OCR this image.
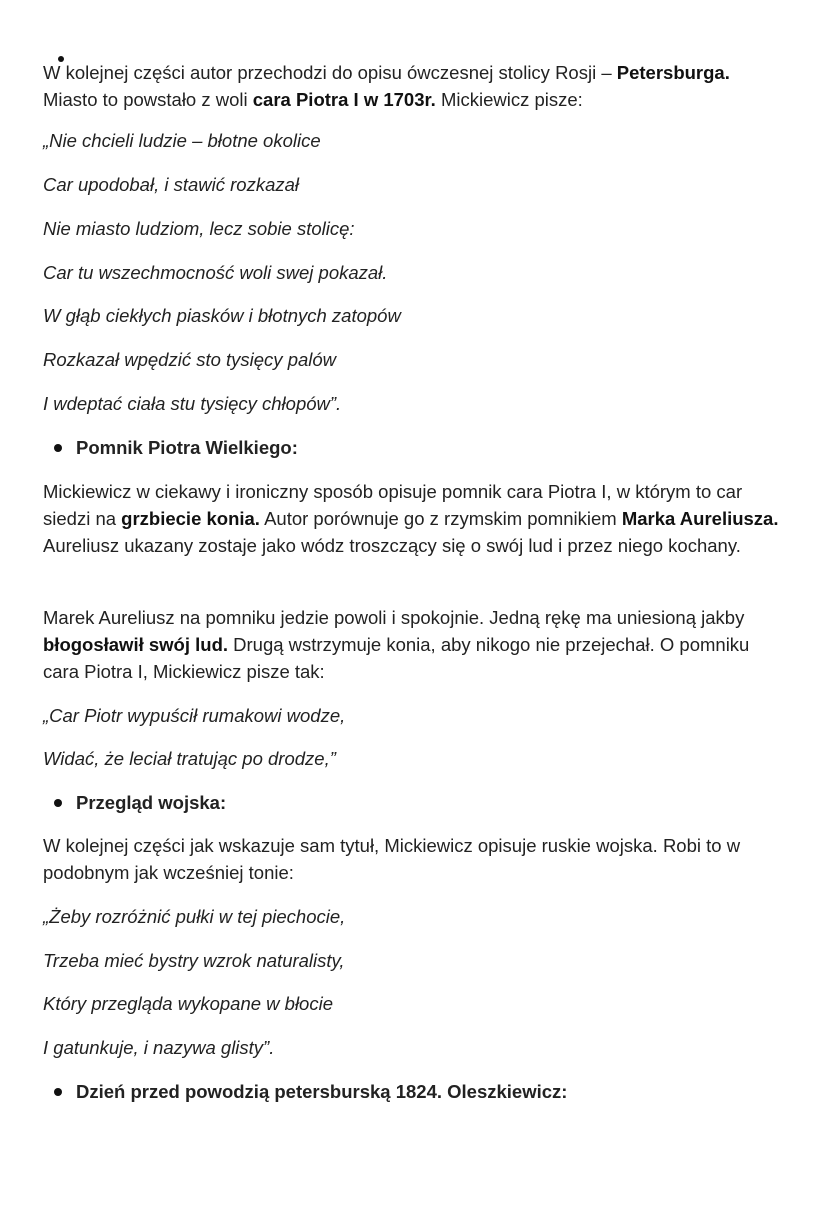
W kolejnej części autor przechodzi do opisu ówczesnej stolicy Rosji – Petersburga. Miasto to powstało z woli cara Piotra I w 1703r. Mickiewicz pisze:

„Nie chcieli ludzie – błotne okolice

Car upodobał, i stawić rozkazał

Nie miasto ludziom, lecz sobie stolicę:

Car tu wszechmocność woli swej pokazał.

W głąb ciekłych piasków i błotnych zatopów

Rozkazał wpędzić sto tysięcy palów

I wdeptać ciała stu tysięcy chłopów”.

Pomnik Piotra Wielkiego:

Mickiewicz w ciekawy i ironiczny sposób opisuje pomnik cara Piotra I, w którym to car siedzi na grzbiecie konia. Autor porównuje go z rzymskim pomnikiem Marka Aureliusza. Aureliusz ukazany zostaje jako wódz troszczący się o swój lud i przez niego kochany.

Marek Aureliusz na pomniku jedzie powoli i spokojnie. Jedną rękę ma uniesioną jakby błogosławił swój lud. Drugą wstrzymuje konia, aby nikogo nie przejechał. O pomniku cara Piotra I, Mickiewicz pisze tak:

„Car Piotr wypuścił rumakowi wodze,

Widać, że leciał tratując po drodze,”

Przegląd wojska:

W kolejnej części jak wskazuje sam tytuł, Mickiewicz opisuje ruskie wojska. Robi to w podobnym jak wcześniej tonie:

„Żeby rozróżnić pułki w tej piechocie,

Trzeba mieć bystry wzrok naturalisty,

Który przegląda wykopane w błocie

I gatunkuje, i nazywa glisty”.

Dzień przed powodzią petersburską 1824. Oleszkiewicz:
